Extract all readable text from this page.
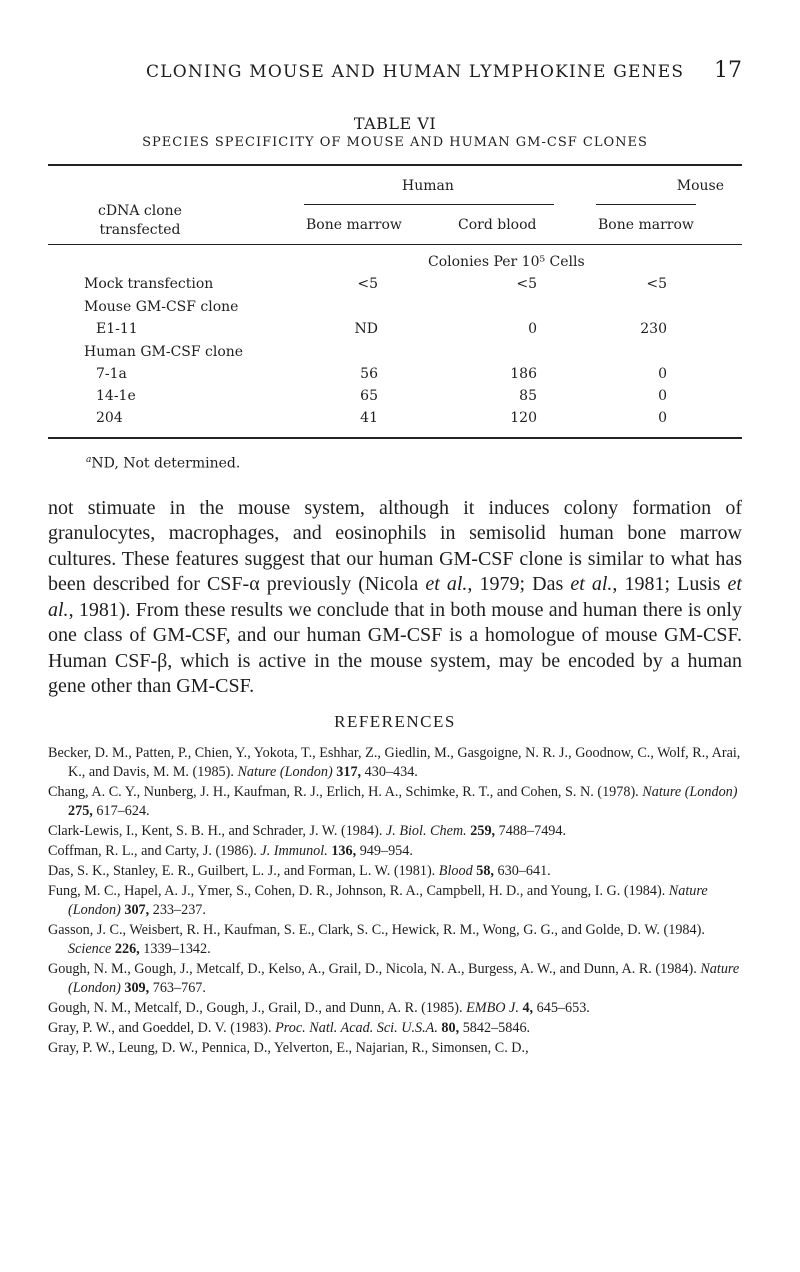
CLONING MOUSE AND HUMAN LYMPHOKINE GENES 17
TABLE VI
SPECIES SPECIFICITY OF MOUSE AND HUMAN GM-CSF CLONES
cDNA clone
transfected
Human	Mouse
Bone marrow	Cord blood	Bone marrow
Colonies Per 10⁵ Cells
Mock transfection	<5	<5	<5
Mouse GM-CSF clone
E1-11	ND	0	230
Human GM-CSF clone
7-1a	56	186	0
14-1e	65	85	0
204	41	120	0
$^a$ND, Not determined.
not stimuate in the mouse system, although it induces colony formation of granulocytes, macrophages, and eosinophils in semisolid human bone marrow cultures. These features suggest that our human GM-CSF clone is similar to what has been described for CSF-α previously (Nicola et al., 1979; Das et al., 1981; Lusis et al., 1981). From these results we conclude that in both mouse and human there is only one class of GM-CSF, and our human GM-CSF is a homologue of mouse GM-CSF. Human CSF-β, which is active in the mouse system, may be encoded by a human gene other than GM-CSF.
REFERENCES
Becker, D. M., Patten, P., Chien, Y., Yokota, T., Eshhar, Z., Giedlin, M., Gasgoigne, N. R. J., Goodnow, C., Wolf, R., Arai, K., and Davis, M. M. (1985). Nature (London) 317, 430–434.
Chang, A. C. Y., Nunberg, J. H., Kaufman, R. J., Erlich, H. A., Schimke, R. T., and Cohen, S. N. (1978). Nature (London) 275, 617–624.
Clark-Lewis, I., Kent, S. B. H., and Schrader, J. W. (1984). J. Biol. Chem. 259, 7488–7494.
Coffman, R. L., and Carty, J. (1986). J. Immunol. 136, 949–954.
Das, S. K., Stanley, E. R., Guilbert, L. J., and Forman, L. W. (1981). Blood 58, 630–641.
Fung, M. C., Hapel, A. J., Ymer, S., Cohen, D. R., Johnson, R. A., Campbell, H. D., and Young, I. G. (1984). Nature (London) 307, 233–237.
Gasson, J. C., Weisbert, R. H., Kaufman, S. E., Clark, S. C., Hewick, R. M., Wong, G. G., and Golde, D. W. (1984). Science 226, 1339–1342.
Gough, N. M., Gough, J., Metcalf, D., Kelso, A., Grail, D., Nicola, N. A., Burgess, A. W., and Dunn, A. R. (1984). Nature (London) 309, 763–767.
Gough, N. M., Metcalf, D., Gough, J., Grail, D., and Dunn, A. R. (1985). EMBO J. 4, 645–653.
Gray, P. W., and Goeddel, D. V. (1983). Proc. Natl. Acad. Sci. U.S.A. 80, 5842–5846.
Gray, P. W., Leung, D. W., Pennica, D., Yelverton, E., Najarian, R., Simonsen, C. D.,
